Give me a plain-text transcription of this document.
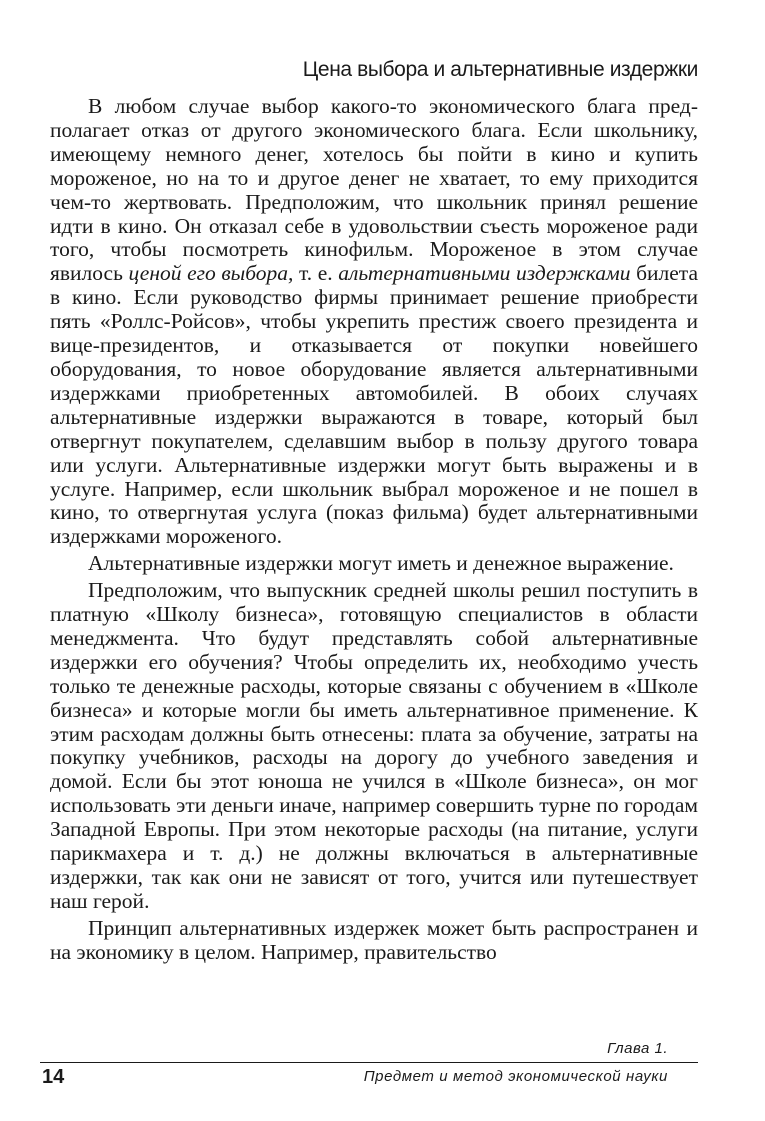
Цена выбора и альтернативные издержки

В любом случае выбор какого-то экономического блага предполагает отказ от другого экономического блага. Если школьнику, имеющему немного денег, хотелось бы пойти в кино и купить мороженое, но на то и другое денег не хватает, то ему приходится чем-то жертвовать. Предположим, что школьник принял решение идти в кино. Он отказал себе в удовольствии съесть мороженое ради того, чтобы посмотреть кинофильм. Мороженое в этом случае явилось ценой его выбора, т. е. альтернативными издержками билета в кино. Если руководство фирмы принимает решение приобрести пять «Роллс-Ройсов», чтобы укрепить престиж своего президента и вице-президентов, и отказывается от покупки новейшего оборудования, то новое оборудование является альтернативными издержками приобретенных автомобилей. В обоих случаях альтернативные издержки выражаются в товаре, который был отвергнут покупателем, сделавшим выбор в пользу другого товара или услуги. Альтернативные издержки могут быть выражены и в услуге. Например, если школьник выбрал мороженое и не пошел в кино, то отвергнутая услуга (показ фильма) будет альтернативными издержками мороженого.

Альтернативные издержки могут иметь и денежное выражение.

Предположим, что выпускник средней школы решил поступить в платную «Школу бизнеса», готовящую специалистов в области менеджмента. Что будут представлять собой альтернативные издержки его обучения? Чтобы определить их, необходимо учесть только те денежные расходы, которые связаны с обучением в «Школе бизнеса» и которые могли бы иметь альтернативное применение. К этим расходам должны быть отнесены: плата за обучение, затраты на покупку учебников, расходы на дорогу до учебного заведения и домой. Если бы этот юноша не учился в «Школе бизнеса», он мог использовать эти деньги иначе, например совершить турне по городам Западной Европы. При этом некоторые расходы (на питание, услуги парикмахера и т. д.) не должны включаться в альтернативные издержки, так как они не зависят от того, учится или путешествует наш герой.

Принцип альтернативных издержек может быть распространен и на экономику в целом. Например, правительство

Глава 1.
14	Предмет и метод экономической науки
